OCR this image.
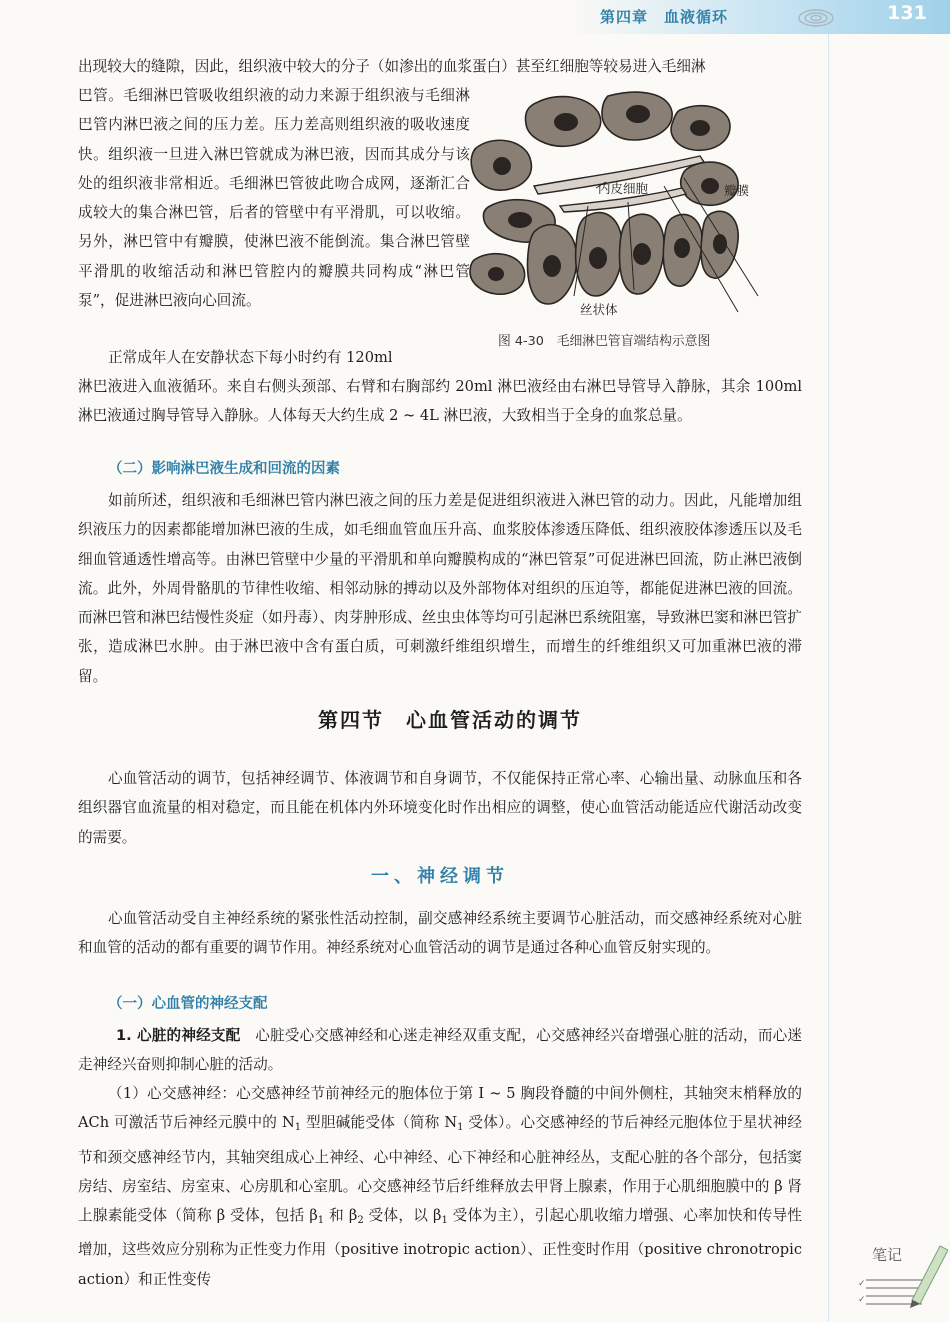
第四章　血液循环	131

出现较大的缝隙，因此，组织液中较大的分子（如渗出的血浆蛋白）甚至红细胞等较易进入毛细淋

巴管。毛细淋巴管吸收组织液的动力来源于组织液与毛细淋巴管内淋巴液之间的压力差。压力差高则组织液的吸收速度快。组织液一旦进入淋巴管就成为淋巴液，因而其成分与该处的组织液非常相近。毛细淋巴管彼此吻合成网，逐渐汇合成较大的集合淋巴管，后者的管壁中有平滑肌，可以收缩。另外，淋巴管中有瓣膜，使淋巴液不能倒流。集合淋巴管壁平滑肌的收缩活动和淋巴管腔内的瓣膜共同构成“淋巴管泵”，促进淋巴液向心回流。

内皮细胞	瓣膜
丝状体
图 4-30　毛细淋巴管盲端结构示意图

正常成年人在安静状态下每小时约有 120ml

淋巴液进入血液循环。来自右侧头颈部、右臂和右胸部约 20ml 淋巴液经由右淋巴导管导入静脉，其余 100ml 淋巴液通过胸导管导入静脉。人体每天大约生成 2 ~ 4L 淋巴液，大致相当于全身的血浆总量。

（二）影响淋巴液生成和回流的因素

如前所述，组织液和毛细淋巴管内淋巴液之间的压力差是促进组织液进入淋巴管的动力。因此，凡能增加组织液压力的因素都能增加淋巴液的生成，如毛细血管血压升高、血浆胶体渗透压降低、组织液胶体渗透压以及毛细血管通透性增高等。由淋巴管壁中少量的平滑肌和单向瓣膜构成的“淋巴管泵”可促进淋巴回流，防止淋巴液倒流。此外，外周骨骼肌的节律性收缩、相邻动脉的搏动以及外部物体对组织的压迫等，都能促进淋巴液的回流。而淋巴管和淋巴结慢性炎症（如丹毒）、肉芽肿形成、丝虫虫体等均可引起淋巴系统阻塞，导致淋巴窦和淋巴管扩张，造成淋巴水肿。由于淋巴液中含有蛋白质，可刺激纤维组织增生，而增生的纤维组织又可加重淋巴液的滞留。

第四节　心血管活动的调节

心血管活动的调节，包括神经调节、体液调节和自身调节，不仅能保持正常心率、心输出量、动脉血压和各组织器官血流量的相对稳定，而且能在机体内外环境变化时作出相应的调整，使心血管活动能适应代谢活动改变的需要。

一、神经调节

心血管活动受自主神经系统的紧张性活动控制，副交感神经系统主要调节心脏活动，而交感神经系统对心脏和血管的活动的都有重要的调节作用。神经系统对心血管活动的调节是通过各种心血管反射实现的。

（一）心血管的神经支配

1. 心脏的神经支配　心脏受心交感神经和心迷走神经双重支配，心交感神经兴奋增强心脏的活动，而心迷走神经兴奋则抑制心脏的活动。

（1）心交感神经：心交感神经节前神经元的胞体位于第 Ⅰ ~ 5 胸段脊髓的中间外侧柱，其轴突末梢释放的 ACh 可激活节后神经元膜中的 $N_1$ 型胆碱能受体（简称 $N_1$ 受体）。心交感神经的节后神经元胞体位于星状神经节和颈交感神经节内，其轴突组成心上神经、心中神经、心下神经和心脏神经丛，支配心脏的各个部分，包括窦房结、房室结、房室束、心房肌和心室肌。心交感神经节后纤维释放去甲肾上腺素，作用于心肌细胞膜中的 β 肾上腺素能受体（简称 β 受体，包括 $\beta_1$ 和 $\beta_2$ 受体，以 $\beta_1$ 受体为主），引起心肌收缩力增强、心率加快和传导性增加，这些效应分别称为正性变力作用（positive inotropic action）、正性变时作用（positive chronotropic action）和正性变传	✓
✓
笔记
